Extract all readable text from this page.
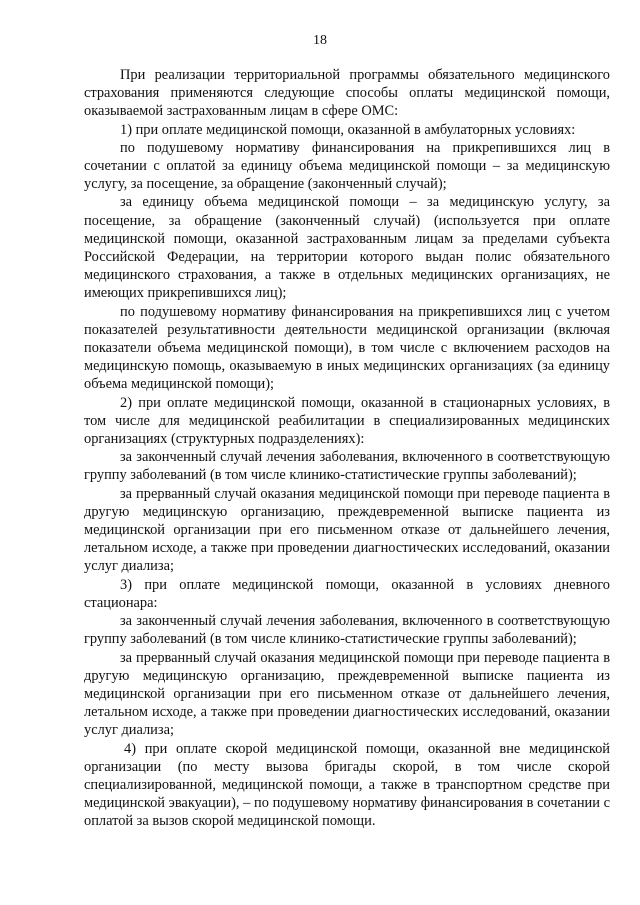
18

При реализации территориальной программы обязательного медицинского страхования применяются следующие способы оплаты медицинской помощи, оказываемой застрахованным лицам в сфере ОМС:

1) при оплате медицинской помощи, оказанной в амбулаторных условиях:

по подушевому нормативу финансирования на прикрепившихся лиц в сочетании с оплатой за единицу объема медицинской помощи – за медицинскую услугу, за посещение, за обращение (законченный случай);

за единицу объема медицинской помощи – за медицинскую услугу, за посещение, за обращение (законченный случай) (используется при оплате медицинской помощи, оказанной застрахованным лицам за пределами субъекта Российской Федерации, на территории которого выдан полис обязательного медицинского страхования, а также в отдельных медицинских организациях, не имеющих прикрепившихся лиц);

по подушевому нормативу финансирования на прикрепившихся лиц с учетом показателей результативности деятельности медицинской организации (включая показатели объема медицинской помощи), в том числе с включением расходов на медицинскую помощь, оказываемую в иных медицинских организациях (за единицу объема медицинской помощи);

2) при оплате медицинской помощи, оказанной в стационарных условиях, в том числе для медицинской реабилитации в специализированных медицинских организациях (структурных подразделениях):

за законченный случай лечения заболевания, включенного в соответствующую группу заболеваний (в том числе клинико-статистические группы заболеваний);

за прерванный случай оказания медицинской помощи при переводе пациента в другую медицинскую организацию, преждевременной выписке пациента из медицинской организации при его письменном отказе от дальнейшего лечения, летальном исходе, а также при проведении диагностических исследований, оказании услуг диализа;

3) при оплате медицинской помощи, оказанной в условиях дневного стационара:

за законченный случай лечения заболевания, включенного в соответствующую группу заболеваний (в том числе клинико-статистические группы заболеваний);

за прерванный случай оказания медицинской помощи при переводе пациента в другую медицинскую организацию, преждевременной выписке пациента из медицинской организации при его письменном отказе от дальнейшего лечения, летальном исходе, а также при проведении диагностических исследований, оказании услуг диализа;

4) при оплате скорой медицинской помощи, оказанной вне медицинской организации (по месту вызова бригады скорой, в том числе скорой специализированной, медицинской помощи, а также в транспортном средстве при медицинской эвакуации), – по подушевому нормативу финансирования в сочетании с оплатой за вызов скорой медицинской помощи.
